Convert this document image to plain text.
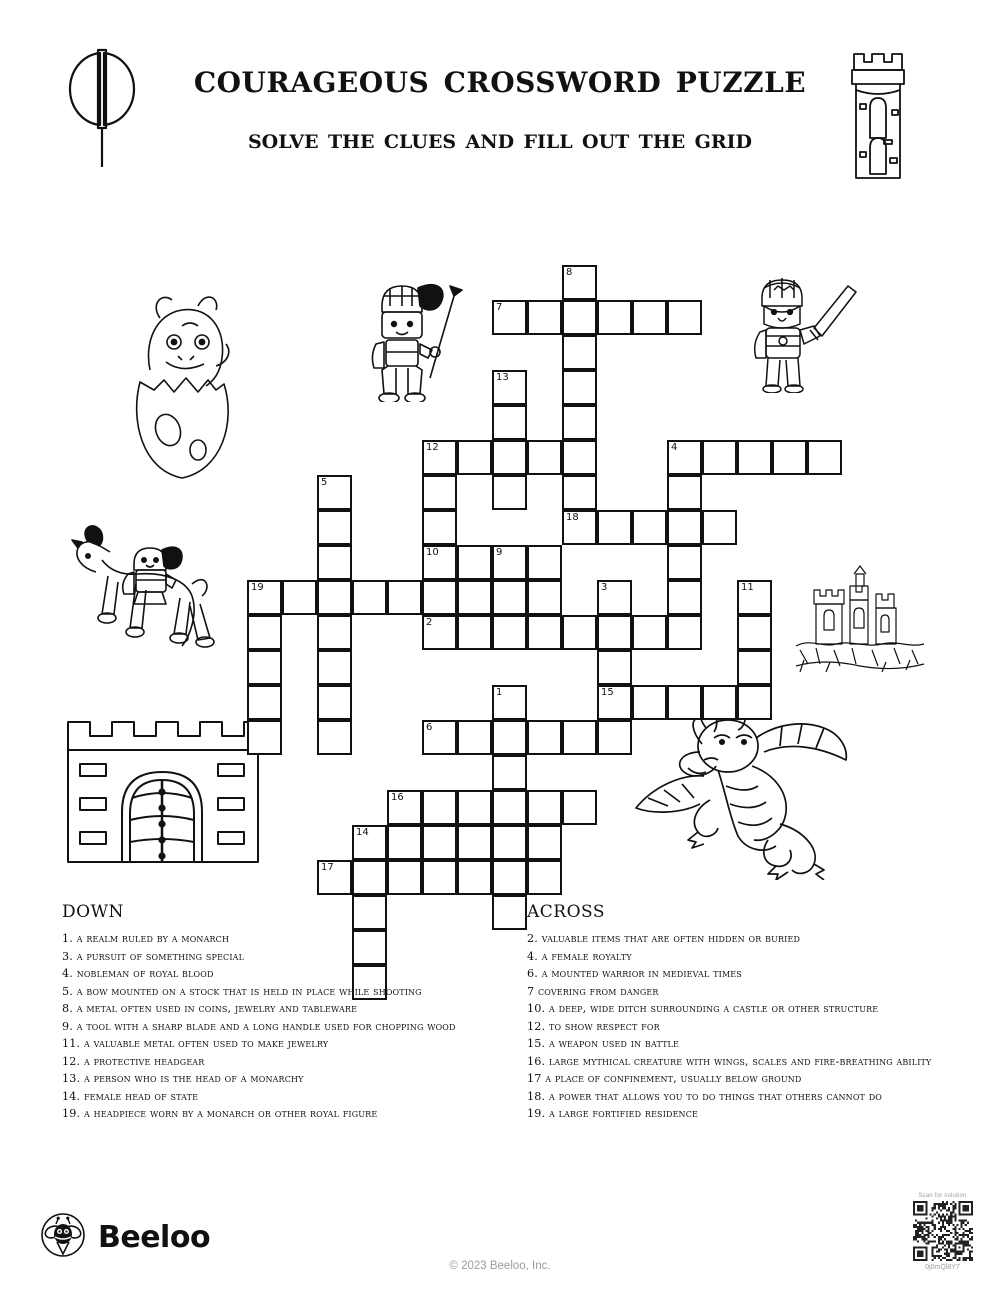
courageous crossword puzzle
solve the clues and fill out the grid
8
7
13
12	4
5
18
10	9
19	3	11
2
1	15
6
16
14
17
down
1. a realm ruled by a monarch
3. a pursuit of something special
4. nobleman of royal blood
5. a bow mounted on a stock that is held in place while shooting
8. a metal often used in coins, jewelry and tableware
9. a tool with a sharp blade and a long handle used for chopping wood
11. a valuable metal often used to make jewelry
12. a protective headgear
13. a person who is the head of a monarchy
14. female head of state
19. a headpiece worn by a monarch or other royal figure
across
2. valuable items that are often hidden or buried
4. a female royalty
6. a mounted warrior in medieval times
7 covering from danger
10. a deep, wide ditch surrounding a castle or other structure
12. to show respect for
15. a weapon used in battle
16. large mythical creature with wings, scales and fire-breathing ability
17 a place of confinement, usually below ground
18. a power that allows you to do things that others cannot do
19. a large fortified residence
Beeloo
© 2023 Beeloo, Inc.
Scan for solution
0j0mQl8Y7
